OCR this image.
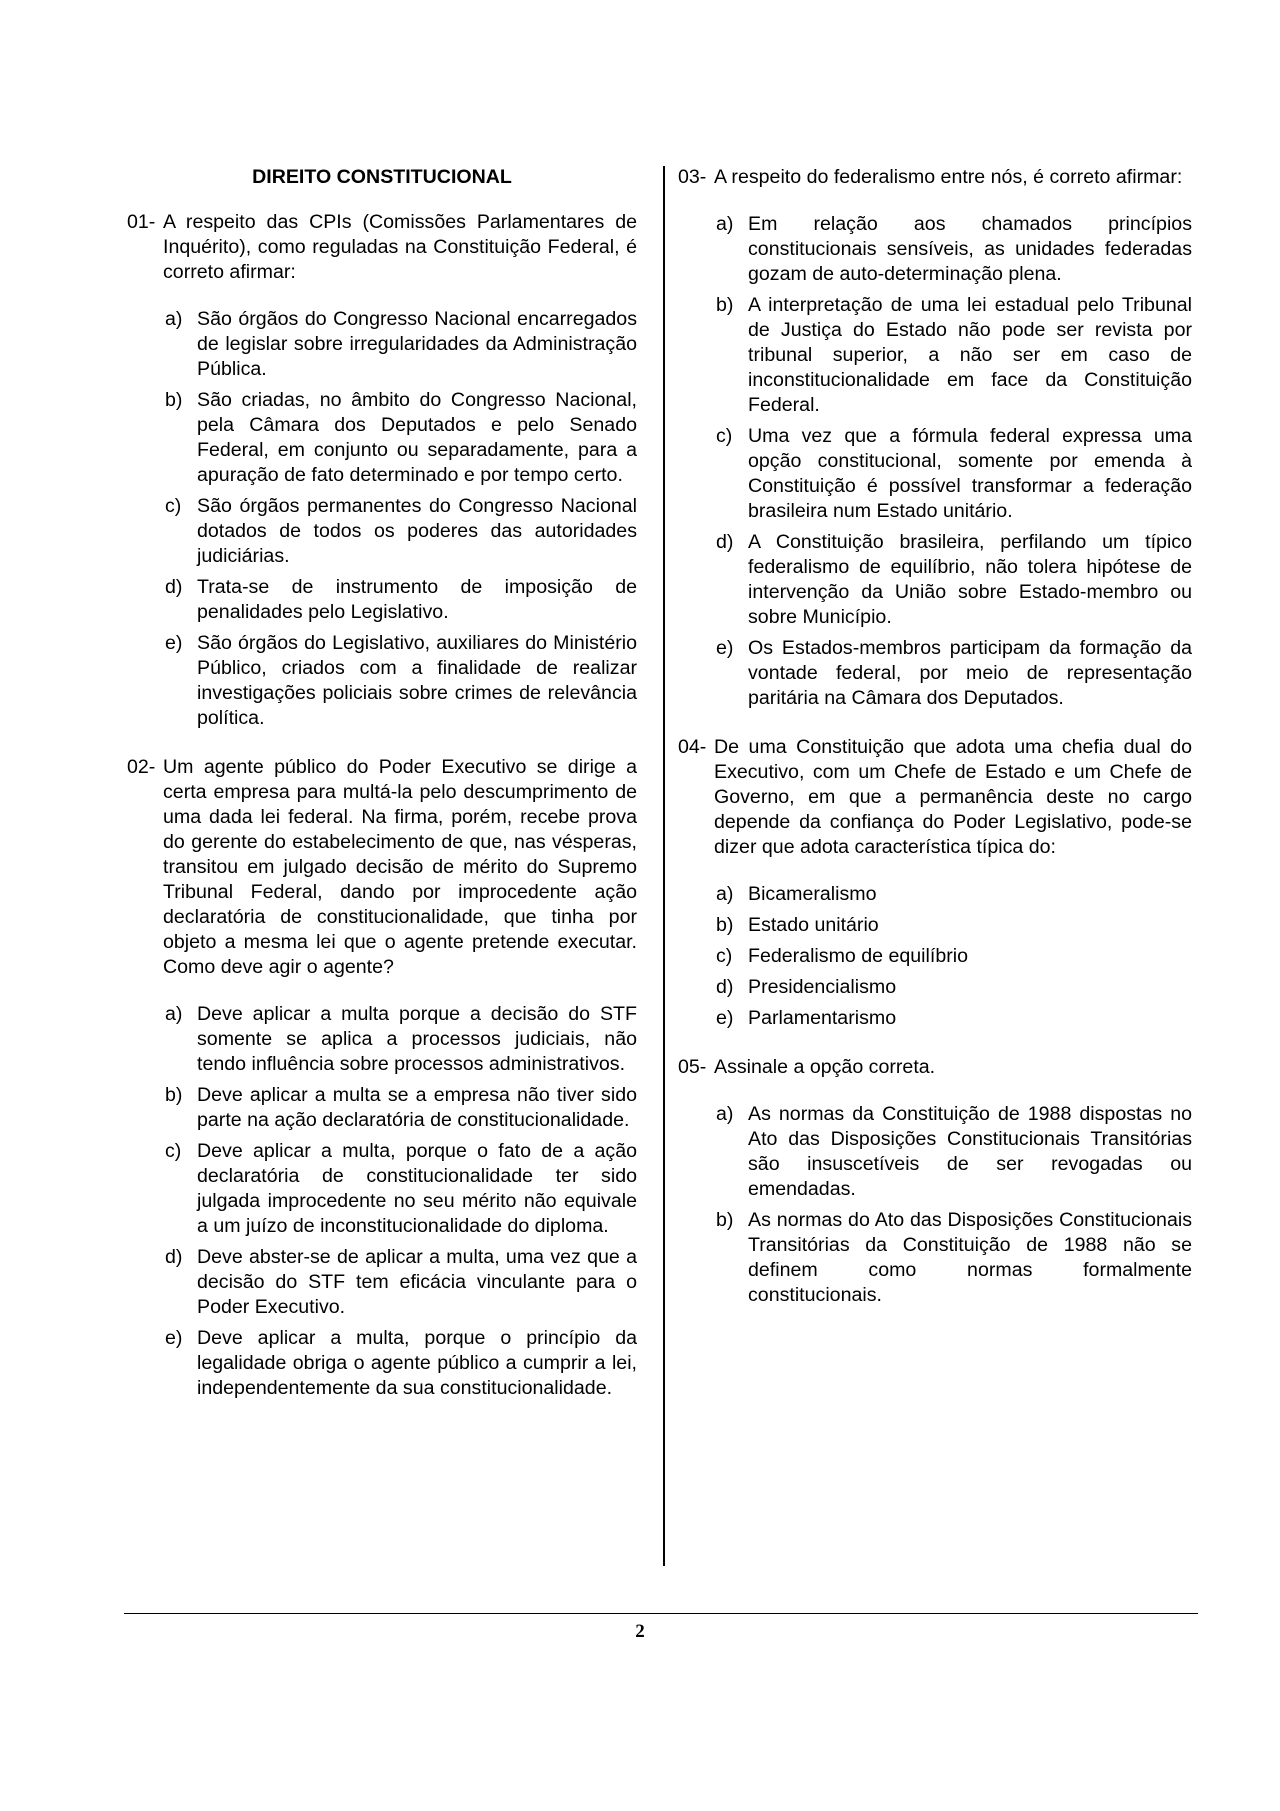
DIREITO CONSTITUCIONAL
01- A respeito das CPIs (Comissões Parlamentares de Inquérito), como reguladas na Constituição Federal, é correto afirmar:
a) São órgãos do Congresso Nacional encarregados de legislar sobre irregularidades da Administração Pública.
b) São criadas, no âmbito do Congresso Nacional, pela Câmara dos Deputados e pelo Senado Federal, em conjunto ou separadamente, para a apuração de fato determinado e por tempo certo.
c) São órgãos permanentes do Congresso Nacional dotados de todos os poderes das autoridades judiciárias.
d) Trata-se de instrumento de imposição de penalidades pelo Legislativo.
e) São órgãos do Legislativo, auxiliares do Ministério Público, criados com a finalidade de realizar investigações policiais sobre crimes de relevância política.
02- Um agente público do Poder Executivo se dirige a certa empresa para multá-la pelo descumprimento de uma dada lei federal. Na firma, porém, recebe prova do gerente do estabelecimento de que, nas vésperas, transitou em julgado decisão de mérito do Supremo Tribunal Federal, dando por improcedente ação declaratória de constitucionalidade, que tinha por objeto a mesma lei que o agente pretende executar. Como deve agir o agente?
a) Deve aplicar a multa porque a decisão do STF somente se aplica a processos judiciais, não tendo influência sobre processos administrativos.
b) Deve aplicar a multa se a empresa não tiver sido parte na ação declaratória de constitucionalidade.
c) Deve aplicar a multa, porque o fato de a ação declaratória de constitucionalidade ter sido julgada improcedente no seu mérito não equivale a um juízo de inconstitucionalidade do diploma.
d) Deve abster-se de aplicar a multa, uma vez que a decisão do STF tem eficácia vinculante para o Poder Executivo.
e) Deve aplicar a multa, porque o princípio da legalidade obriga o agente público a cumprir a lei, independentemente da sua constitucionalidade.
03- A respeito do federalismo entre nós, é correto afirmar:
a) Em relação aos chamados princípios constitucionais sensíveis, as unidades federadas gozam de auto-determinação plena.
b) A interpretação de uma lei estadual pelo Tribunal de Justiça do Estado não pode ser revista por tribunal superior, a não ser em caso de inconstitucionalidade em face da Constituição Federal.
c) Uma vez que a fórmula federal expressa uma opção constitucional, somente por emenda à Constituição é possível transformar a federação brasileira num Estado unitário.
d) A Constituição brasileira, perfilando um típico federalismo de equilíbrio, não tolera hipótese de intervenção da União sobre Estado-membro ou sobre Município.
e) Os Estados-membros participam da formação da vontade federal, por meio de representação paritária na Câmara dos Deputados.
04- De uma Constituição que adota uma chefia dual do Executivo, com um Chefe de Estado e um Chefe de Governo, em que a permanência deste no cargo depende da confiança do Poder Legislativo, pode-se dizer que adota característica típica do:
a) Bicameralismo
b) Estado unitário
c) Federalismo de equilíbrio
d) Presidencialismo
e) Parlamentarismo
05- Assinale a opção correta.
a) As normas da Constituição de 1988 dispostas no Ato das Disposições Constitucionais Transitórias são insuscetíveis de ser revogadas ou emendadas.
b) As normas do Ato das Disposições Constitucionais Transitórias da Constituição de 1988 não se definem como normas formalmente constitucionais.
2
